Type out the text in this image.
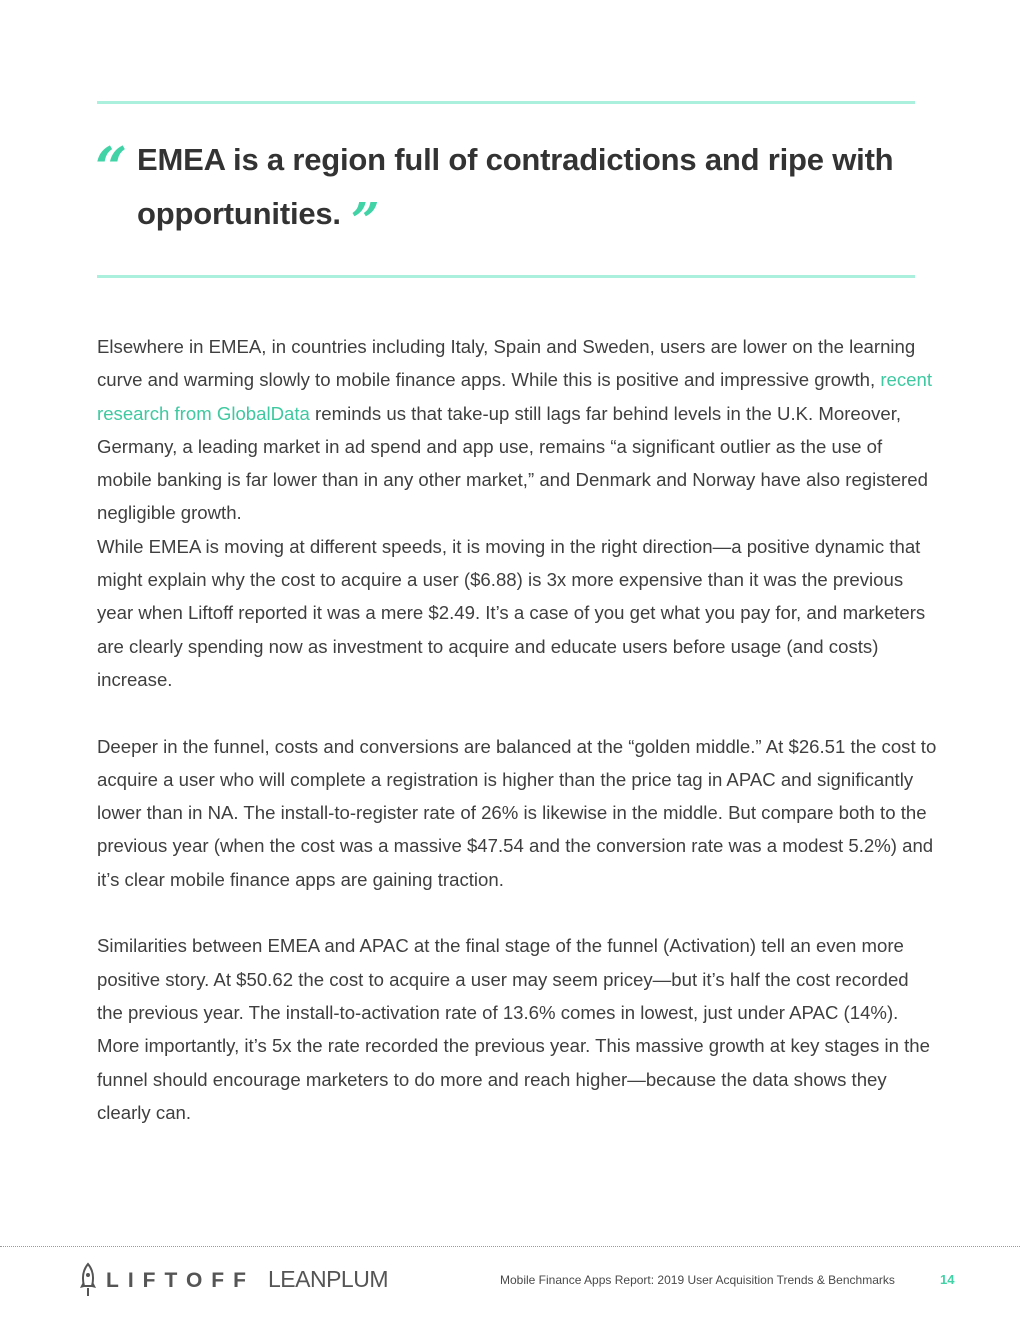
“ EMEA is a region full of contradictions and ripe with opportunities. ”

Elsewhere in EMEA, in countries including Italy, Spain and Sweden, users are lower on the learning curve and warming slowly to mobile finance apps. While this is positive and impressive growth, recent research from GlobalData reminds us that take-up still lags far behind levels in the U.K. Moreover, Germany, a leading market in ad spend and app use, remains “a significant outlier as the use of mobile banking is far lower than in any other market,” and Denmark and Norway have also registered negligible growth.

While EMEA is moving at different speeds, it is moving in the right direction—a positive dynamic that might explain why the cost to acquire a user ($6.88) is 3x more expensive than it was the previous year when Liftoff reported it was a mere $2.49. It’s a case of you get what you pay for, and marketers are clearly spending now as investment to acquire and educate users before usage (and costs) increase.

Deeper in the funnel, costs and conversions are balanced at the “golden middle.” At $26.51 the cost to acquire a user who will complete a registration is higher than the price tag in APAC and significantly lower than in NA. The install-to-register rate of 26% is likewise in the middle. But compare both to the previous year (when the cost was a massive $47.54 and the conversion rate was a modest 5.2%) and it’s clear mobile finance apps are gaining traction.

Similarities between EMEA and APAC at the final stage of the funnel (Activation) tell an even more positive story. At $50.62 the cost to acquire a user may seem pricey—but it’s half the cost recorded the previous year. The install-to-activation rate of 13.6% comes in lowest, just under APAC (14%). More importantly, it’s 5x the rate recorded the previous year. This massive growth at key stages in the funnel should encourage marketers to do more and reach higher—because the data shows they clearly can.

LIFTOFF LEANPLUM	Mobile Finance Apps Report: 2019 User Acquisition Trends & Benchmarks	14
